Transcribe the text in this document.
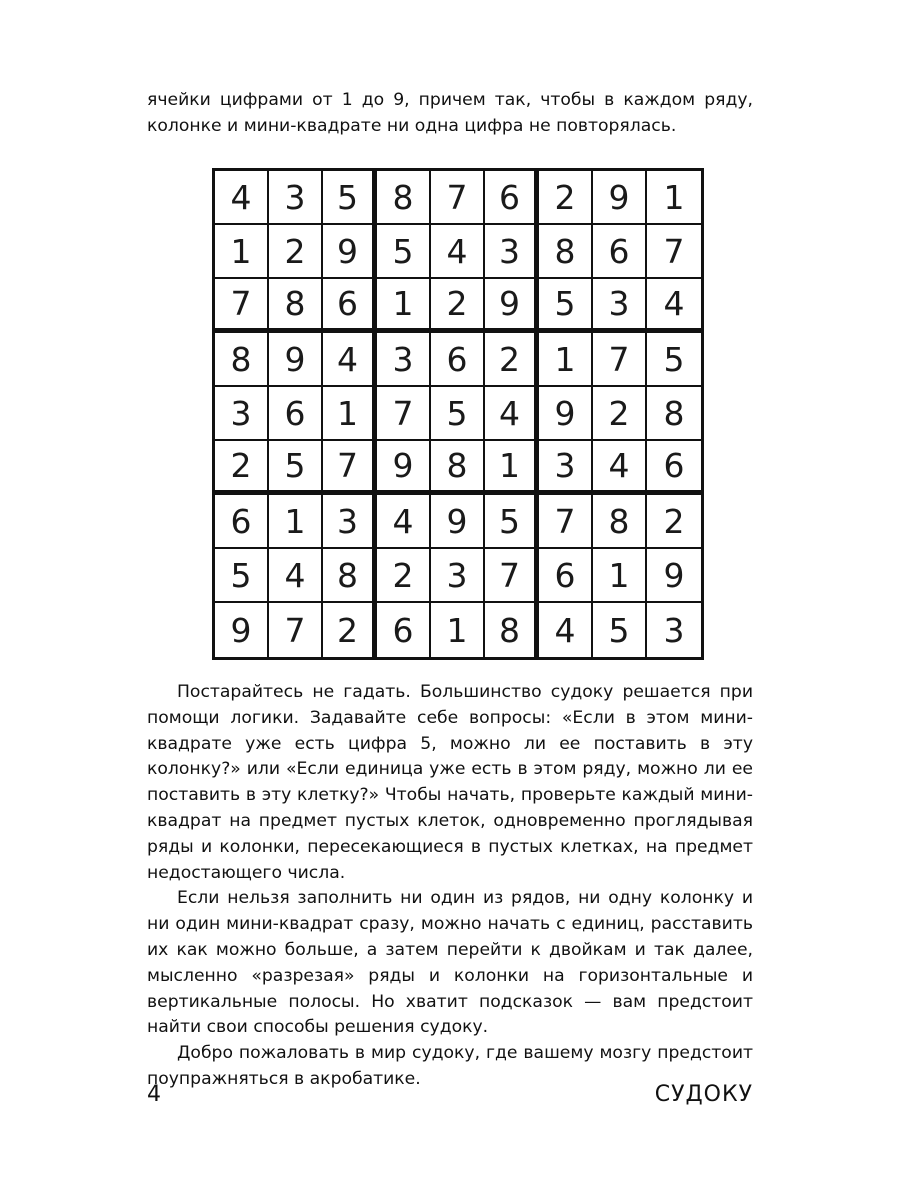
ячейки цифрами от 1 до 9, причем так, чтобы в каждом ряду, колонке и мини-квадрате ни одна цифра не повторялась.

4	3 5	8	7 6	2	9	1
1	2 9	5	4 3	8	6	7
7	8 6	1	2 9	5	3	4
8	9 4	3	6 2	1	7	5
3	6 1	7	5 4	9	2	8
2	5 7	9	8 1	3	4	6
6	1 3	4	9 5	7	8	2
5	4 8	2	3 7	6	1	9
9	7 2	6	1 8	4	5	3

Постарайтесь не гадать. Большинство судоку решается при помощи логики. Задавайте себе вопросы: «Если в этом мини-квадрате уже есть цифра 5, можно ли ее поставить в эту колонку?» или «Если единица уже есть в этом ряду, можно ли ее поставить в эту клетку?» Чтобы начать, проверьте каждый мини-квадрат на предмет пустых клеток, одновременно проглядывая ряды и колонки, пересекающиеся в пустых клетках, на предмет недостающего числа.

Если нельзя заполнить ни один из рядов, ни одну колонку и ни один мини-квадрат сразу, можно начать с единиц, расставить их как можно больше, а затем перейти к двойкам и так далее, мысленно «разрезая» ряды и колонки на горизонтальные и вертикальные полосы. Но хватит подсказок — вам предстоит найти свои способы решения судоку.

Добро пожаловать в мир судоку, где вашему мозгу предстоит поупражняться в акробатике.

4	СУДОКУ
